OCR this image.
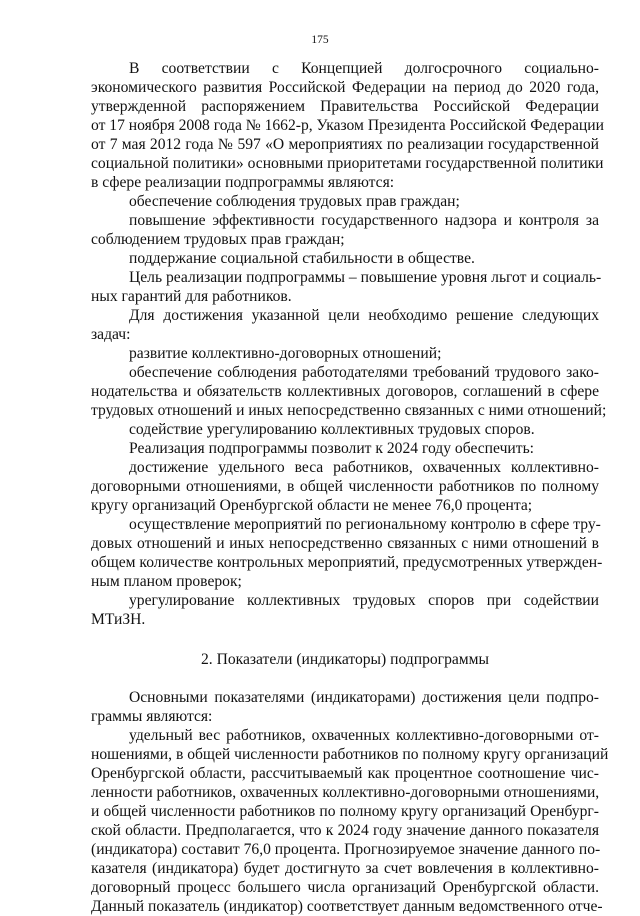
175
В соответствии с Концепцией долгосрочного социально-
экономического развития Российской Федерации на период до 2020 года,
утвержденной распоряжением Правительства Российской Федерации
от 17 ноября 2008 года № 1662-р, Указом Президента Российской Федерации
от 7 мая 2012 года № 597 «О мероприятиях по реализации государственной
социальной политики» основными приоритетами государственной политики
в сфере реализации подпрограммы являются:
обеспечение соблюдения трудовых прав граждан;
повышение эффективности государственного надзора и контроля за
соблюдением трудовых прав граждан;
поддержание социальной стабильности в обществе.
Цель реализации подпрограммы – повышение уровня льгот и социаль-
ных гарантий для работников.
Для достижения указанной цели необходимо решение следующих
задач:
развитие коллективно-договорных отношений;
обеспечение соблюдения работодателями требований трудового зако-
нодательства и обязательств коллективных договоров, соглашений в сфере
трудовых отношений и иных непосредственно связанных с ними отношений;
содействие урегулированию коллективных трудовых споров.
Реализация подпрограммы позволит к 2024 году обеспечить:
достижение удельного веса работников, охваченных коллективно-
договорными отношениями, в общей численности работников по полному
кругу организаций Оренбургской области не менее 76,0 процента;
осуществление мероприятий по региональному контролю в сфере тру-
довых отношений и иных непосредственно связанных с ними отношений в
общем количестве контрольных мероприятий, предусмотренных утвержден-
ным планом проверок;
урегулирование коллективных трудовых споров при содействии
МТиЗН.
2. Показатели (индикаторы) подпрограммы
Основными показателями (индикаторами) достижения цели подпро-
граммы являются:
удельный вес работников, охваченных коллективно-договорными от-
ношениями, в общей численности работников по полному кругу организаций
Оренбургской области, рассчитываемый как процентное соотношение чис-
ленности работников, охваченных коллективно-договорными отношениями,
и общей численности работников по полному кругу организаций Оренбург-
ской области. Предполагается, что к 2024 году значение данного показателя
(индикатора) составит 76,0 процента. Прогнозируемое значение данного по-
казателя (индикатора) будет достигнуто за счет вовлечения в коллективно-
договорный процесс большего числа организаций Оренбургской области.
Данный показатель (индикатор) соответствует данным ведомственного отче-
